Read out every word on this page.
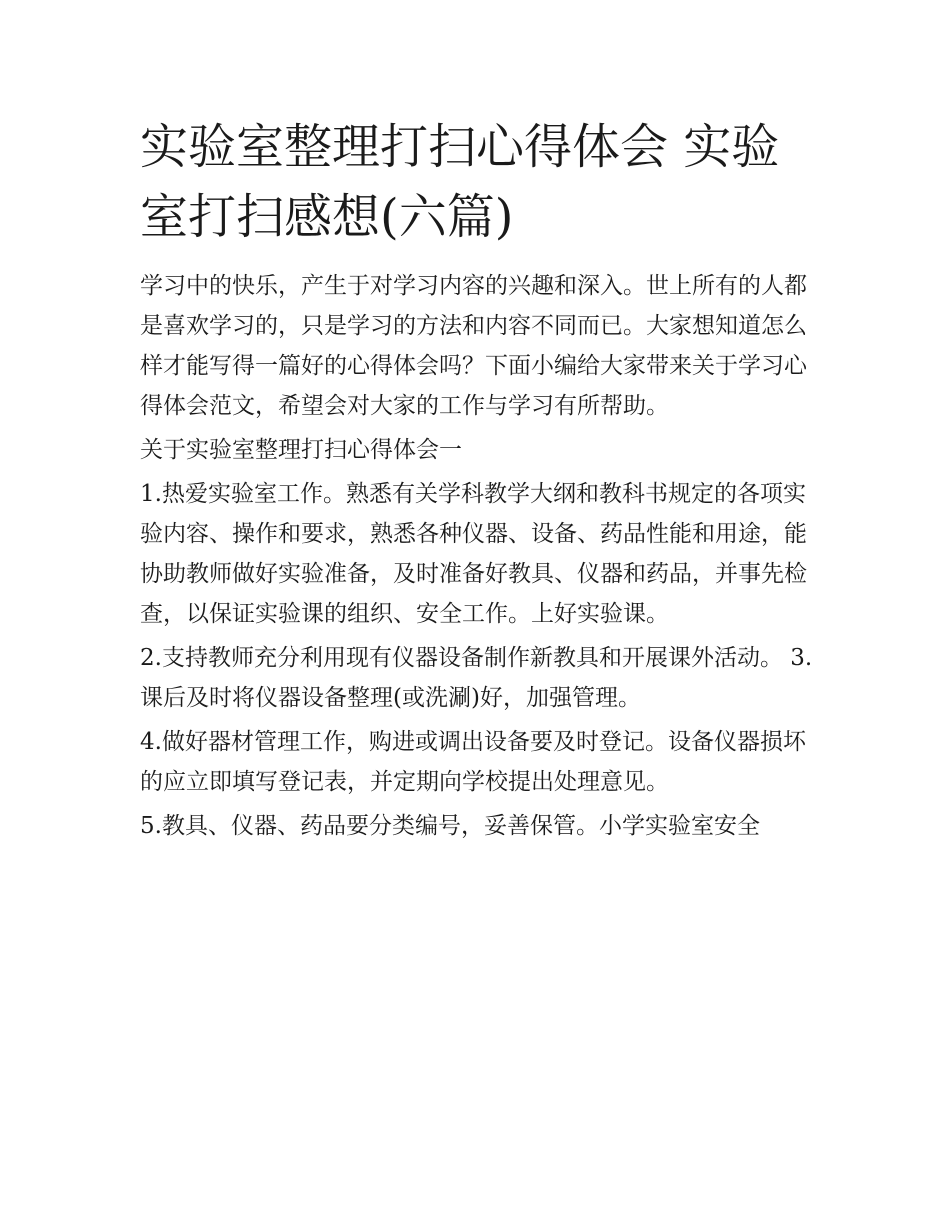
实验室整理打扫心得体会 实验室打扫感想(六篇)

学习中的快乐，产生于对学习内容的兴趣和深入。世上所有的人都是喜欢学习的，只是学习的方法和内容不同而已。大家想知道怎么样才能写得一篇好的心得体会吗？下面小编给大家带来关于学习心得体会范文，希望会对大家的工作与学习有所帮助。

关于实验室整理打扫心得体会一

1.热爱实验室工作。熟悉有关学科教学大纲和教科书规定的各项实验内容、操作和要求，熟悉各种仪器、设备、药品性能和用途，能协助教师做好实验准备，及时准备好教具、仪器和药品，并事先检查，以保证实验课的组织、安全工作。上好实验课。

2.支持教师充分利用现有仪器设备制作新教具和开展课外活动。 3.课后及时将仪器设备整理(或洗涮)好，加强管理。

4.做好器材管理工作，购进或调出设备要及时登记。设备仪器损坏的应立即填写登记表，并定期向学校提出处理意见。

5.教具、仪器、药品要分类编号，妥善保管。小学实验室安全
